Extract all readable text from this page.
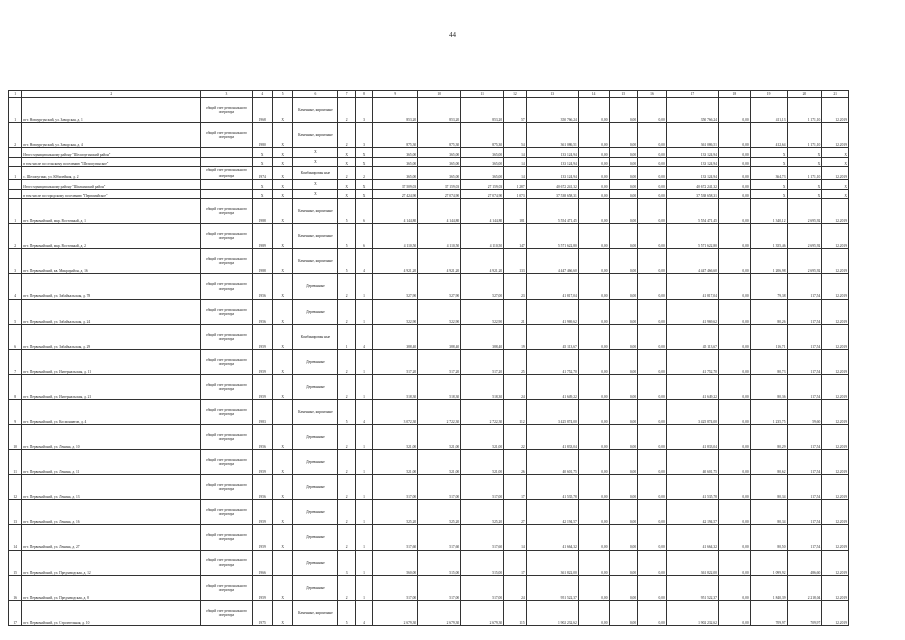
44
1	2	3	4	5	6	7	8	9	10	11	12	13	14	15	16	17	18	19	20	21
1	пгт. Новоургунский, ул. Заводская, д. 1	общий счет регионального оператора	1968	Х	Каменные, кирпичные	2	3	853,20	853,20	853,20	57	350 766,24	0,00	0,00	0,00	350 766,24	0,00	411,13	1 171,10	12.2019
2	пгт. Новоургунский, ул. Заводская, д. 4	общий счет регионального оператора	1980	Х	Каменные, кирпичные	2	3	875,30	875,30	875,30	54	361 086,51	0,00	0,00	0,00	361 086,51	0,00	412,64	1 171,10	12.2019
	Итого муниципальному району "Шелопугинский район"		Х	Х	Х	Х	Х	365,00	365,00	365,00	14	133 124,94	0,00	0,00	0,00	133 124,94	0,00	Х	Х	Х
	в том числе по сельскому поселению "Шелопугинское"		Х	Х	Х	Х	Х	365,00	365,00	365,00	14	133 124,94	0,00	0,00	0,00	133 124,94	0,00	Х	Х	Х
1	с. Шелопугино, ул. Юбилейная, д. 2	общий счет регионального оператора	1974	Х	Комбинирован ные	2	2	365,00	365,00	365,00	14	133 124,94	0,00	0,00	0,00	133 124,94	0,00	364,73	1 171,10	12.2019
	Итого муниципальному району "Шилкинский район"		Х	Х	Х	Х	Х	37 509,03	37 159,03	27 159,03	1 287	40 672 241,32	0,00	0,00	0,00	40 672 241,32	0,00	Х	Х	Х
	в том числе по городскому поселению "Первомайское"		Х	Х	Х	Х	Х	27 424,90	27 074,90	27 074,90	1 073	37 538 658,31	0,00	0,00	0,00	37 538 658,31	0,00	Х	Х	Х
1	пгт. Первомайский, мкр. Восточный, д. 1	общий счет регионального оператора	1988	Х	Каменные, кирпичные	5	6	4 144,80	4 144,80	4 144,80	181	5 554 471,45	0,00	0,00	0,00	5 554 471,45	0,00	1 340,12	2 695,92	12.2019
2	пгт. Первомайский, мкр. Восточный, д. 2	общий счет регионального оператора	1989	Х	Каменные, кирпичные	5	6	4 110,50	4 110,50	4 110,50	147	5 571 622,80	0,00	0,00	0,00	5 571 622,80	0,00	1 355,46	2 695,92	12.2019
3	пгт. Первомайский, кв. Микрорайон, д. 16	общий счет регионального оператора	1988	Х	Каменные, кирпичные	5	4	4 921,20	4 921,20	4 921,20	133	4 447 466,60	0,00	0,00	0,00	4 447 466,60	0,00	1 206,98	2 695,92	12.2019
4	пгт. Первомайский, ул. Забайкальская, д. 78	общий счет регионального оператора	1956	Х	Деревянные	2	1	527,90	527,90	527,00	23	41 817,04	0,00	0,00	0,00	41 817,04	0,00	79,38	117,54	12.2019
5	пгт. Первомайский, ул. Забайкальская, д. 24	общий счет регионального оператора	1956	Х	Деревянные	2	1	522,90	522,90	522,90	21	41 969,62	0,00	0,00	0,00	41 969,62	0,00	80,26	117,54	12.2019
6	пгт. Первомайский, ул. Забайкальская, д. 29	общий счет регионального оператора	1959	Х	Комбинирован ные	1	4	388,40	388,40	388,40	19	45 113,67	0,00	0,00	0,00	45 113,67	0,00	116,71	117,54	12.2019
7	пгт. Первомайский, ул. Интернальская, д. 11	общий счет регионального оператора	1959	Х	Деревянные	2	1	517,20	517,20	517,20	25	41 752,70	0,00	0,00	0,00	41 752,70	0,00	80,73	117,54	12.2019
8	пгт. Первомайский, ул. Интернальская, д. 21	общий счет регионального оператора	1959	Х	Деревянные	2	1	518,30	518,30	518,30	24	41 649,22	0,00	0,00	0,00	41 649,22	0,00	80,36	117,54	12.2019
9	пгт. Первомайский, ул. Космонавтов, д. 4	общий счет регионального оператора	1983		Каменные, кирпичные	5	4	3 072,30	2 722,30	2 722,30	112	3 425 874,00	0,00	0,00	0,00	3 425 874,00	0,00	1 235,75	59,60	12.2019
10	пгт. Первомайский, ул. Ленина, д. 10	общий счет регионального оператора	1956	Х	Деревянные	2	1	521,00	521,00	521,00	22	41 833,04	0,00	0,00	0,00	41 833,04	0,00	80,29	117,54	12.2019
11	пгт. Первомайский, ул. Ленина, д. 11	общий счет регионального оператора	1959	Х	Деревянные	2	1	521,00	521,00	521,00	26	40 601,75	0,00	0,00	0,00	40 601,75	0,00	80,62	117,54	12.2019
12	пгт. Первомайский, ул. Ленина, д. 13	общий счет регионального оператора	1956	Х	Деревянные	2	1	517,00	517,00	517,00	17	41 535,78	0,00	0,00	0,00	41 535,78	0,00	80,34	117,54	12.2019
13	пгт. Первомайский, ул. Ленина, д. 16	общий счет регионального оператора	1959	Х	Деревянные	2	1	525,20	525,20	525,20	27	42 194,57	0,00	0,00	0,00	42 194,57	0,00	80,34	117,54	12.2019
14	пгт. Первомайский, ул. Ленина, д. 27	общий счет регионального оператора	1959	Х	Деревянные	2	1	517,60	517,60	517,60	14	41 664,32	0,00	0,00	0,00	41 664,32	0,00	80,50	117,54	12.2019
15	пгт. Первомайский, ул. Предзаводская, д. 12	общий счет регионального оператора	1966		Деревянные	3	1	560,00	515,00	515,00	17	361 822,00	0,00	0,00	0,00	361 822,00	0,00	1 099,92	486,60	12.2019
16	пгт. Первомайский, ул. Предзаводская, д. 8	общий счет регионального оператора	1959	Х	Деревянные	2	1	517,00	517,00	517,00	24	951 522,37	0,00	0,00	0,00	951 522,37	0,00	1 840,39	2 218,04	12.2019
17	пгт. Первомайский, ул. Строительная, д. 10	общий счет регионального оператора	1975	Х	Каменные, кирпичные	5	4	2 679,30	2 679,30	2 679,30	115	1 902 232,62	0,00	0,00	0,00	1 902 232,62	0,00	709,97	709,97	12.2019
